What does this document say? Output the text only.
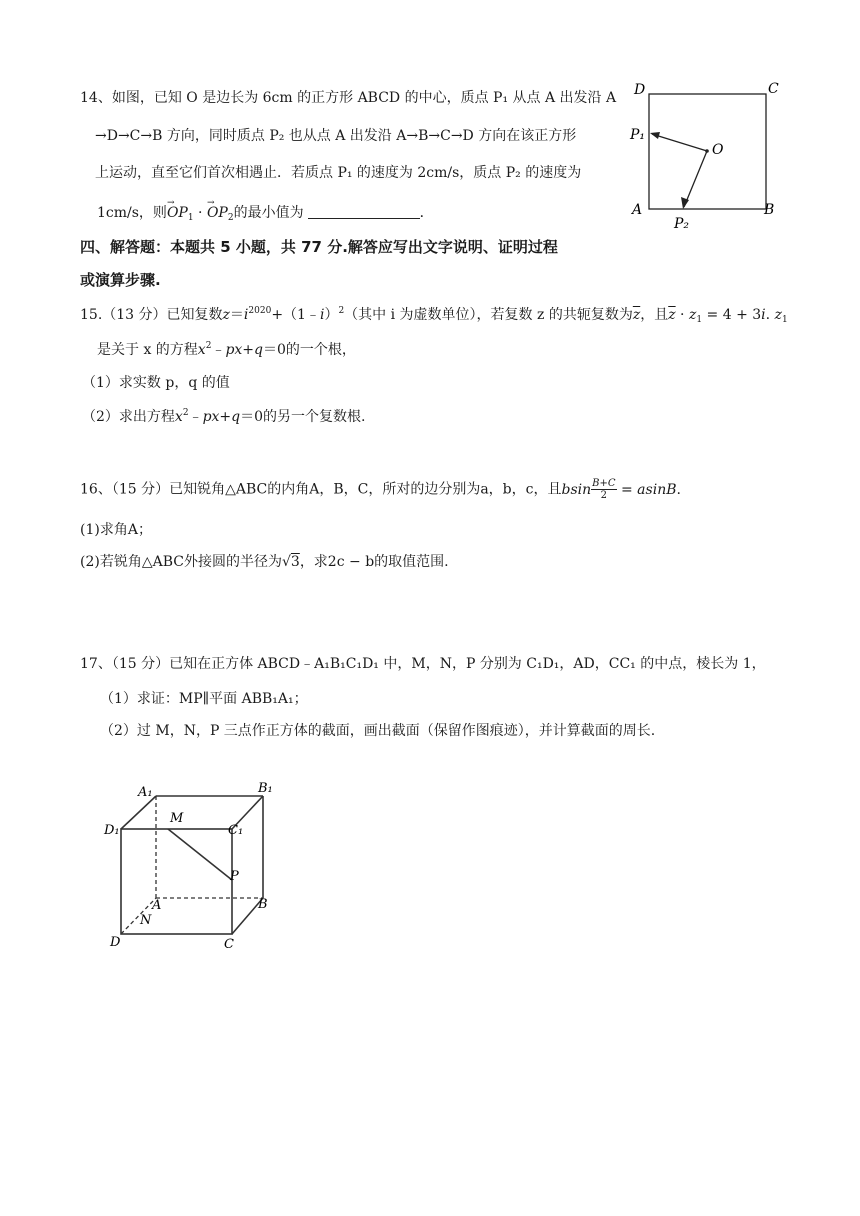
14、如图，已知 O 是边长为 6cm 的正方形 ABCD 的中心，质点 P₁ 从点 A 出发沿 A
→D→C→B 方向，同时质点 P₂ 也从点 A 出发沿 A→B→C→D 方向在该正方形
上运动，直至它们首次相遇止．若质点 P₁ 的速度为 2cm/s，质点 P₂ 的速度为
1cm/s，则→ $OP_1$ · → $OP_2$的最小值为	．
D	C
A	B
O
P₁
P₂
四、解答题：本题共 5 小题，共 77 分.解答应写出文字说明、证明过程
或演算步骤.
15.（13 分）已知复数$z=i^{2020}+(1﹣i)^2$（其中 i 为虚数单位），若复数 z 的共轭复数为$\overline{z}$，且$\overline{z} \cdot z_1 = 4 + 3i$. $z_1$
是关于 x 的方程$x^2﹣px+q=0$的一个根，
（1）求实数 p，q 的值
（2）求出方程$x^2﹣px+q=0$的另一个复数根.
16、（15 分）已知锐角△ABC的内角A，B，C，所对的边分别为a，b，c，且bsin $\frac{B+C}{2} = asinB$.
(1)求角A；
(2)若锐角△ABC外接圆的半径为√3，求2c − b的取值范围.
17、（15 分）已知在正方体 ABCD﹣A₁B₁C₁D₁ 中，M，N，P 分别为 C₁D₁，AD，CC₁ 的中点，棱长为 1，
（1）求证：MP∥平面 ABB₁A₁；
（2）过 M，N，P 三点作正方体的截面，画出截面（保留作图痕迹），并计算截面的周长.
A₁	B₁
D₁	C₁
M
P
B
A
N
D	C
